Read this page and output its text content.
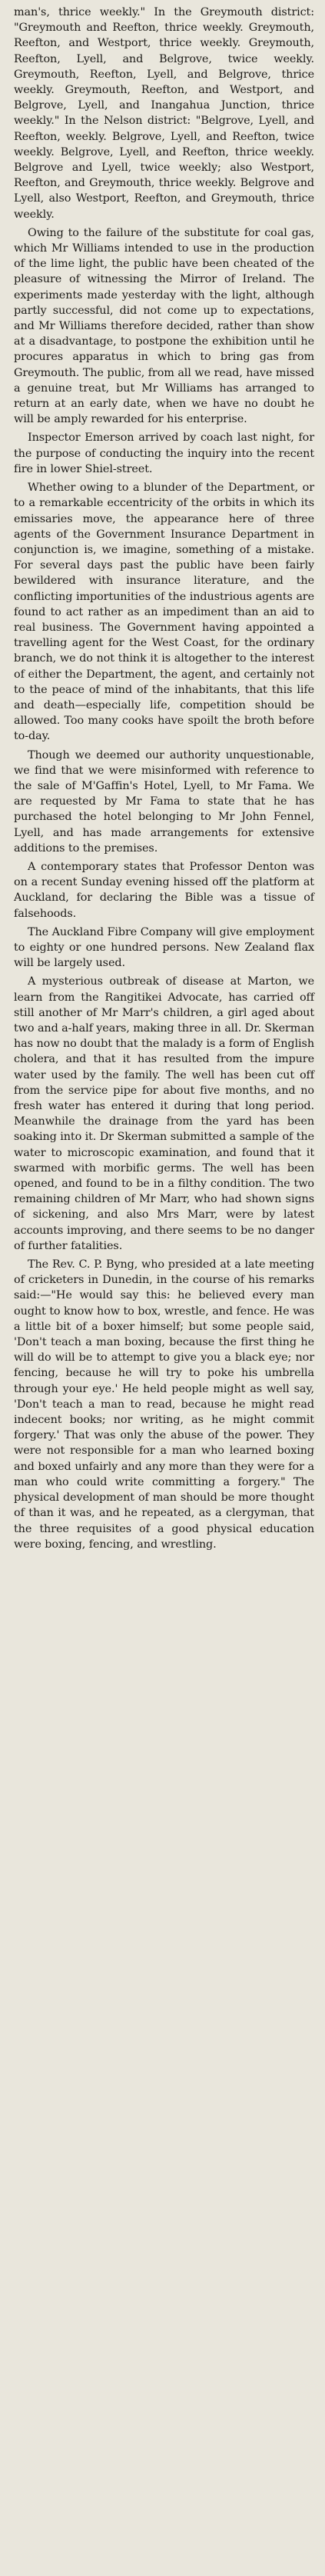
man's, thrice weekly." In the Greymouth district: "Greymouth and Reefton, thrice weekly. Greymouth, Reefton, and Westport, thrice weekly. Greymouth, Reefton, Lyell, and Belgrove, twice weekly. Greymouth, Reefton, Lyell, and Belgrove, thrice weekly. Greymouth, Reefton, and Westport, and Belgrove, Lyell, and Inangahua Junction, thrice weekly." In the Nelson district: "Belgrove, Lyell, and Reefton, weekly. Belgrove, Lyell, and Reefton, twice weekly. Belgrove, Lyell, and Reefton, thrice weekly. Belgrove and Lyell, twice weekly; also Westport, Reefton, and Greymouth, thrice weekly. Belgrove and Lyell, also Westport, Reefton, and Greymouth, thrice weekly.

Owing to the failure of the substitute for coal gas, which Mr Williams intended to use in the production of the lime light, the public have been cheated of the pleasure of witnessing the Mirror of Ireland. The experiments made yesterday with the light, although partly successful, did not come up to expectations, and Mr Williams therefore decided, rather than show at a disadvantage, to postpone the exhibition until he procures apparatus in which to bring gas from Greymouth. The public, from all we read, have missed a genuine treat, but Mr Williams has arranged to return at an early date, when we have no doubt he will be amply rewarded for his enterprise.

Inspector Emerson arrived by coach last night, for the purpose of conducting the inquiry into the recent fire in lower Shiel-street.

Whether owing to a blunder of the Department, or to a remarkable eccentricity of the orbits in which its emissaries move, the appearance here of three agents of the Government Insurance Department in conjunction is, we imagine, something of a mistake. For several days past the public have been fairly bewildered with insurance literature, and the conflicting importunities of the industrious agents are found to act rather as an impediment than an aid to real business. The Government having appointed a travelling agent for the West Coast, for the ordinary branch, we do not think it is altogether to the interest of either the Department, the agent, and certainly not to the peace of mind of the inhabitants, that this life and death—especially life, competition should be allowed. Too many cooks have spoilt the broth before to-day.

Though we deemed our authority unquestionable, we find that we were misinformed with reference to the sale of M'Gaffin's Hotel, Lyell, to Mr Fama. We are requested by Mr Fama to state that he has purchased the hotel belonging to Mr John Fennel, Lyell, and has made arrangements for extensive additions to the premises.

A contemporary states that Professor Denton was on a recent Sunday evening hissed off the platform at Auckland, for declaring the Bible was a tissue of falsehoods.

The Auckland Fibre Company will give employment to eighty or one hundred persons. New Zealand flax will be largely used.

A mysterious outbreak of disease at Marton, we learn from the Rangitikei Advocate, has carried off still another of Mr Marr's children, a girl aged about two and a-half years, making three in all. Dr. Skerman has now no doubt that the malady is a form of English cholera, and that it has resulted from the impure water used by the family. The well has been cut off from the service pipe for about five months, and no fresh water has entered it during that long period. Meanwhile the drainage from the yard has been soaking into it. Dr Skerman submitted a sample of the water to microscopic examination, and found that it swarmed with morbific germs. The well has been opened, and found to be in a filthy condition. The two remaining children of Mr Marr, who had shown signs of sickening, and also Mrs Marr, were by latest accounts improving, and there seems to be no danger of further fatalities.

The Rev. C. P. Byng, who presided at a late meeting of cricketers in Dunedin, in the course of his remarks said:—"He would say this: he believed every man ought to know how to box, wrestle, and fence. He was a little bit of a boxer himself; but some people said, 'Don't teach a man boxing, because the first thing he will do will be to attempt to give you a black eye; nor fencing, because he will try to poke his umbrella through your eye.' He held people might as well say, 'Don't teach a man to read, because he might read indecent books; nor writing, as he might commit forgery.' That was only the abuse of the power. They were not responsible for a man who learned boxing and boxed unfairly and any more than they were for a man who could write committing a forgery." The physical development of man should be more thought of than it was, and he repeated, as a clergyman, that the three requisites of a good physical education were boxing, fencing, and wrestling.
